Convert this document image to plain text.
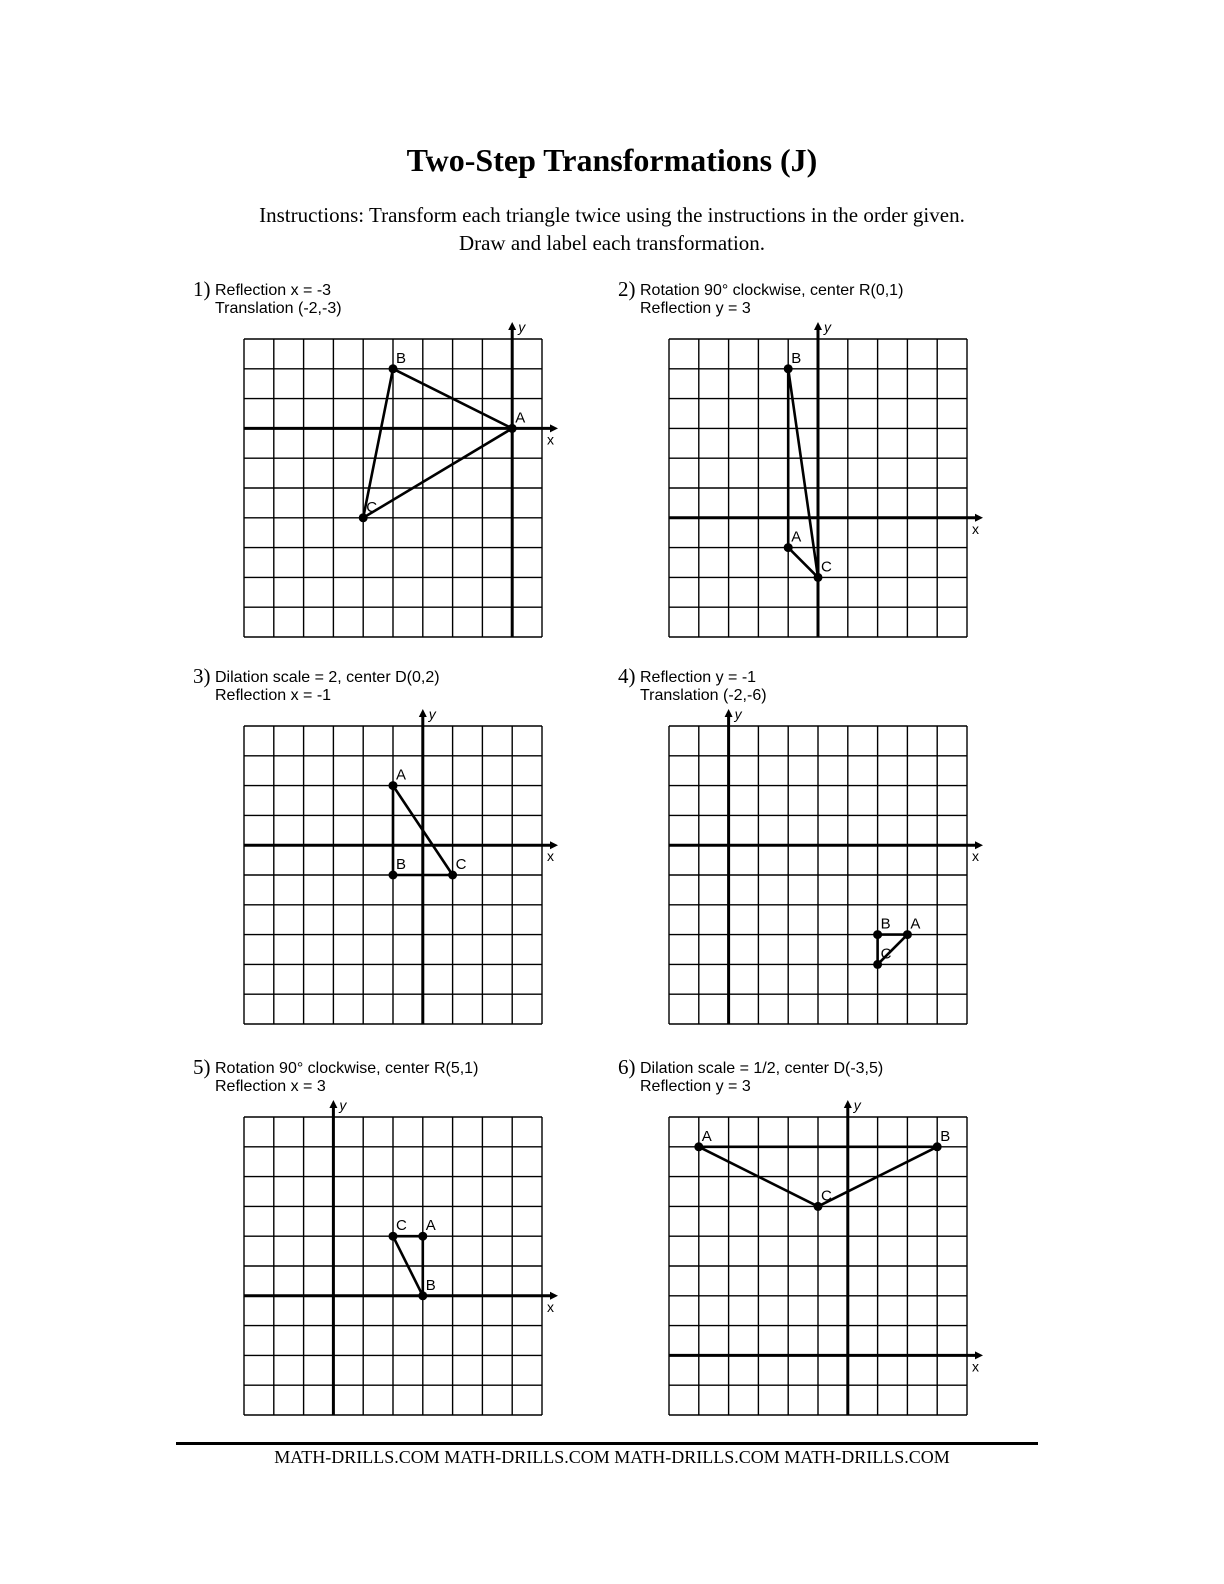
Two-Step Transformations (J)
Instructions: Transform each triangle twice using the instructions in the order given.
Draw and label each transformation.
1) Reflection x = -3
Translation (-2,-3)
x
y
A
B
C
2) Rotation 90° clockwise, center R(0,1)
Reflection y = 3
x
y
A
B
C
3) Dilation scale = 2, center D(0,2)
Reflection x = -1
x
y
A
B	C
4) Reflection y = -1
Translation (-2,-6)
x
y
A
B
C
5) Rotation 90° clockwise, center R(5,1)
Reflection x = 3
x
y
A
B
C
6) Dilation scale = 1/2, center D(-3,5)
Reflection y = 3
x
y
A	B
C
MATH-DRILLS.COM MATH-DRILLS.COM MATH-DRILLS.COM MATH-DRILLS.COM
